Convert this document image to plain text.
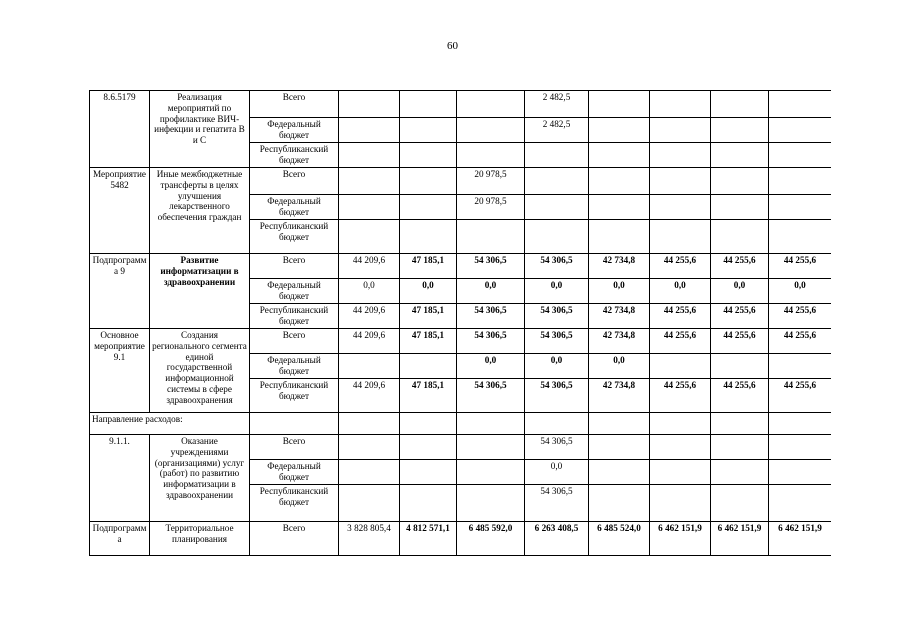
60
8.6.5179	Реализация мероприятий по профилактике ВИЧ-инфекции и гепатита В и С	Всего				2 482,5				
		Федеральный бюджет				2 482,5				
		Республиканский бюджет								
Мероприятие 5482	Иные межбюджетные трансферты в целях улучшения лекарственного обеспечения граждан	Всего			20 978,5					
		Федеральный бюджет			20 978,5					
		Республиканский бюджет								
Подпрограмма 9	Развитие информатизации в здравоохранении	Всего	44 209,6	47 185,1	54 306,5	54 306,5	42 734,8	44 255,6	44 255,6	44 255,6
		Федеральный бюджет	0,0	0,0	0,0	0,0	0,0	0,0	0,0	0,0
		Республиканский бюджет	44 209,6	47 185,1	54 306,5	54 306,5	42 734,8	44 255,6	44 255,6	44 255,6
Основное мероприятие 9.1	Создания регионального сегмента единой государственной информационной системы в сфере здравоохранения	Всего	44 209,6	47 185,1	54 306,5	54 306,5	42 734,8	44 255,6	44 255,6	44 255,6
		Федеральный бюджет			0,0	0,0	0,0			
		Республиканский бюджет	44 209,6	47 185,1	54 306,5	54 306,5	42 734,8	44 255,6	44 255,6	44 255,6
Направление расходов:										
9.1.1.	Оказание учреждениями (организациями) услуг (работ) по развитию информатизации в здравоохранении	Всего				54 306,5				
		Федеральный бюджет				0,0				
		Республиканский бюджет				54 306,5				
Подпрограмма	Территориальное планирования	Всего	3 828 805,4	4 812 571,1	6 485 592,0	6 263 408,5	6 485 524,0	6 462 151,9	6 462 151,9	6 462 151,9
